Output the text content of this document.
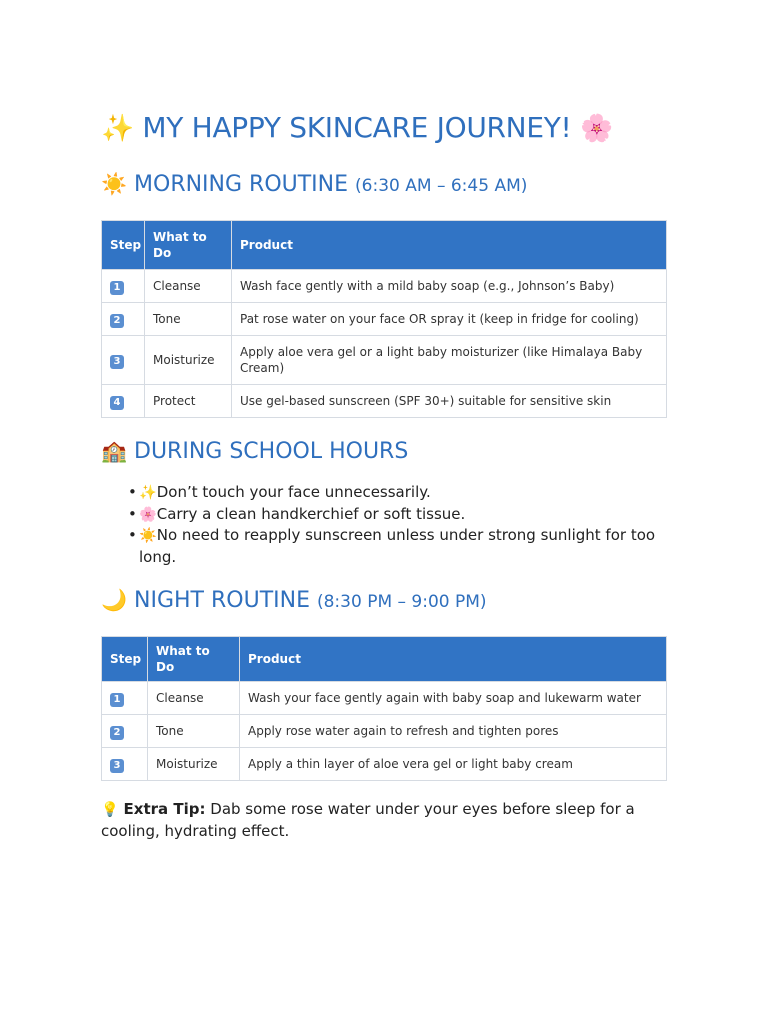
✨ MY HAPPY SKINCARE JOURNEY! 🌸
☀️ MORNING ROUTINE (6:30 AM – 6:45 AM)
Step	What to Do	Product
1	Cleanse	Wash face gently with a mild baby soap (e.g., Johnson’s Baby)
2	Tone	Pat rose water on your face OR spray it (keep in fridge for cooling)
3	Moisturize	Apply aloe vera gel or a light baby moisturizer (like Himalaya Baby Cream)
4	Protect	Use gel-based sunscreen (SPF 30+) suitable for sensitive skin
🏫 DURING SCHOOL HOURS
• ✨Don’t touch your face unnecessarily.
• 🌸Carry a clean handkerchief or soft tissue.
• ☀️No need to reapply sunscreen unless under strong sunlight for too long.
🌙 NIGHT ROUTINE (8:30 PM – 9:00 PM)
Step	What to Do	Product
1	Cleanse	Wash your face gently again with baby soap and lukewarm water
2	Tone	Apply rose water again to refresh and tighten pores
3	Moisturize	Apply a thin layer of aloe vera gel or light baby cream

💡 Extra Tip: Dab some rose water under your eyes before sleep for a cooling, hydrating effect.
